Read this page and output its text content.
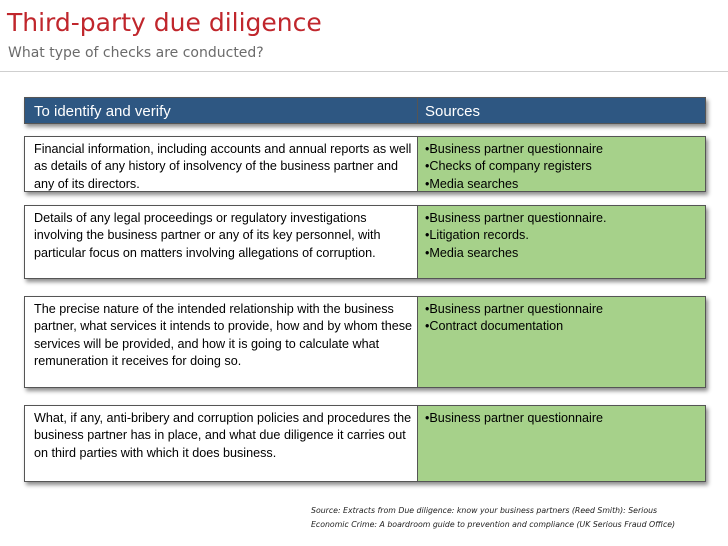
Third-party due diligence
What type of checks are conducted?
To identify and verify	Sources
Financial information, including accounts and annual reports as well as details of any history of insolvency of the business partner and any of its directors.

•Business partner questionnaire

•Checks of company registers

•Media searches

Details of any legal proceedings or regulatory investigations involving the business partner or any of its key personnel, with particular focus on matters involving allegations of corruption.

•Business partner questionnaire.

•Litigation records.

•Media searches

The precise nature of the intended relationship with the business partner, what services it intends to provide, how and by whom these services will be provided, and how it is going to calculate what remuneration it receives for doing so.

•Business partner questionnaire

•Contract documentation

What, if any, anti-bribery and corruption policies and procedures the business partner has in place, and what due diligence it carries out on third parties with which it does business.

•Business partner questionnaire

Source: Extracts from Due diligence: know your business partners (Reed Smith): Serious
Economic Crime: A boardroom guide to prevention and compliance (UK Serious Fraud Office)
